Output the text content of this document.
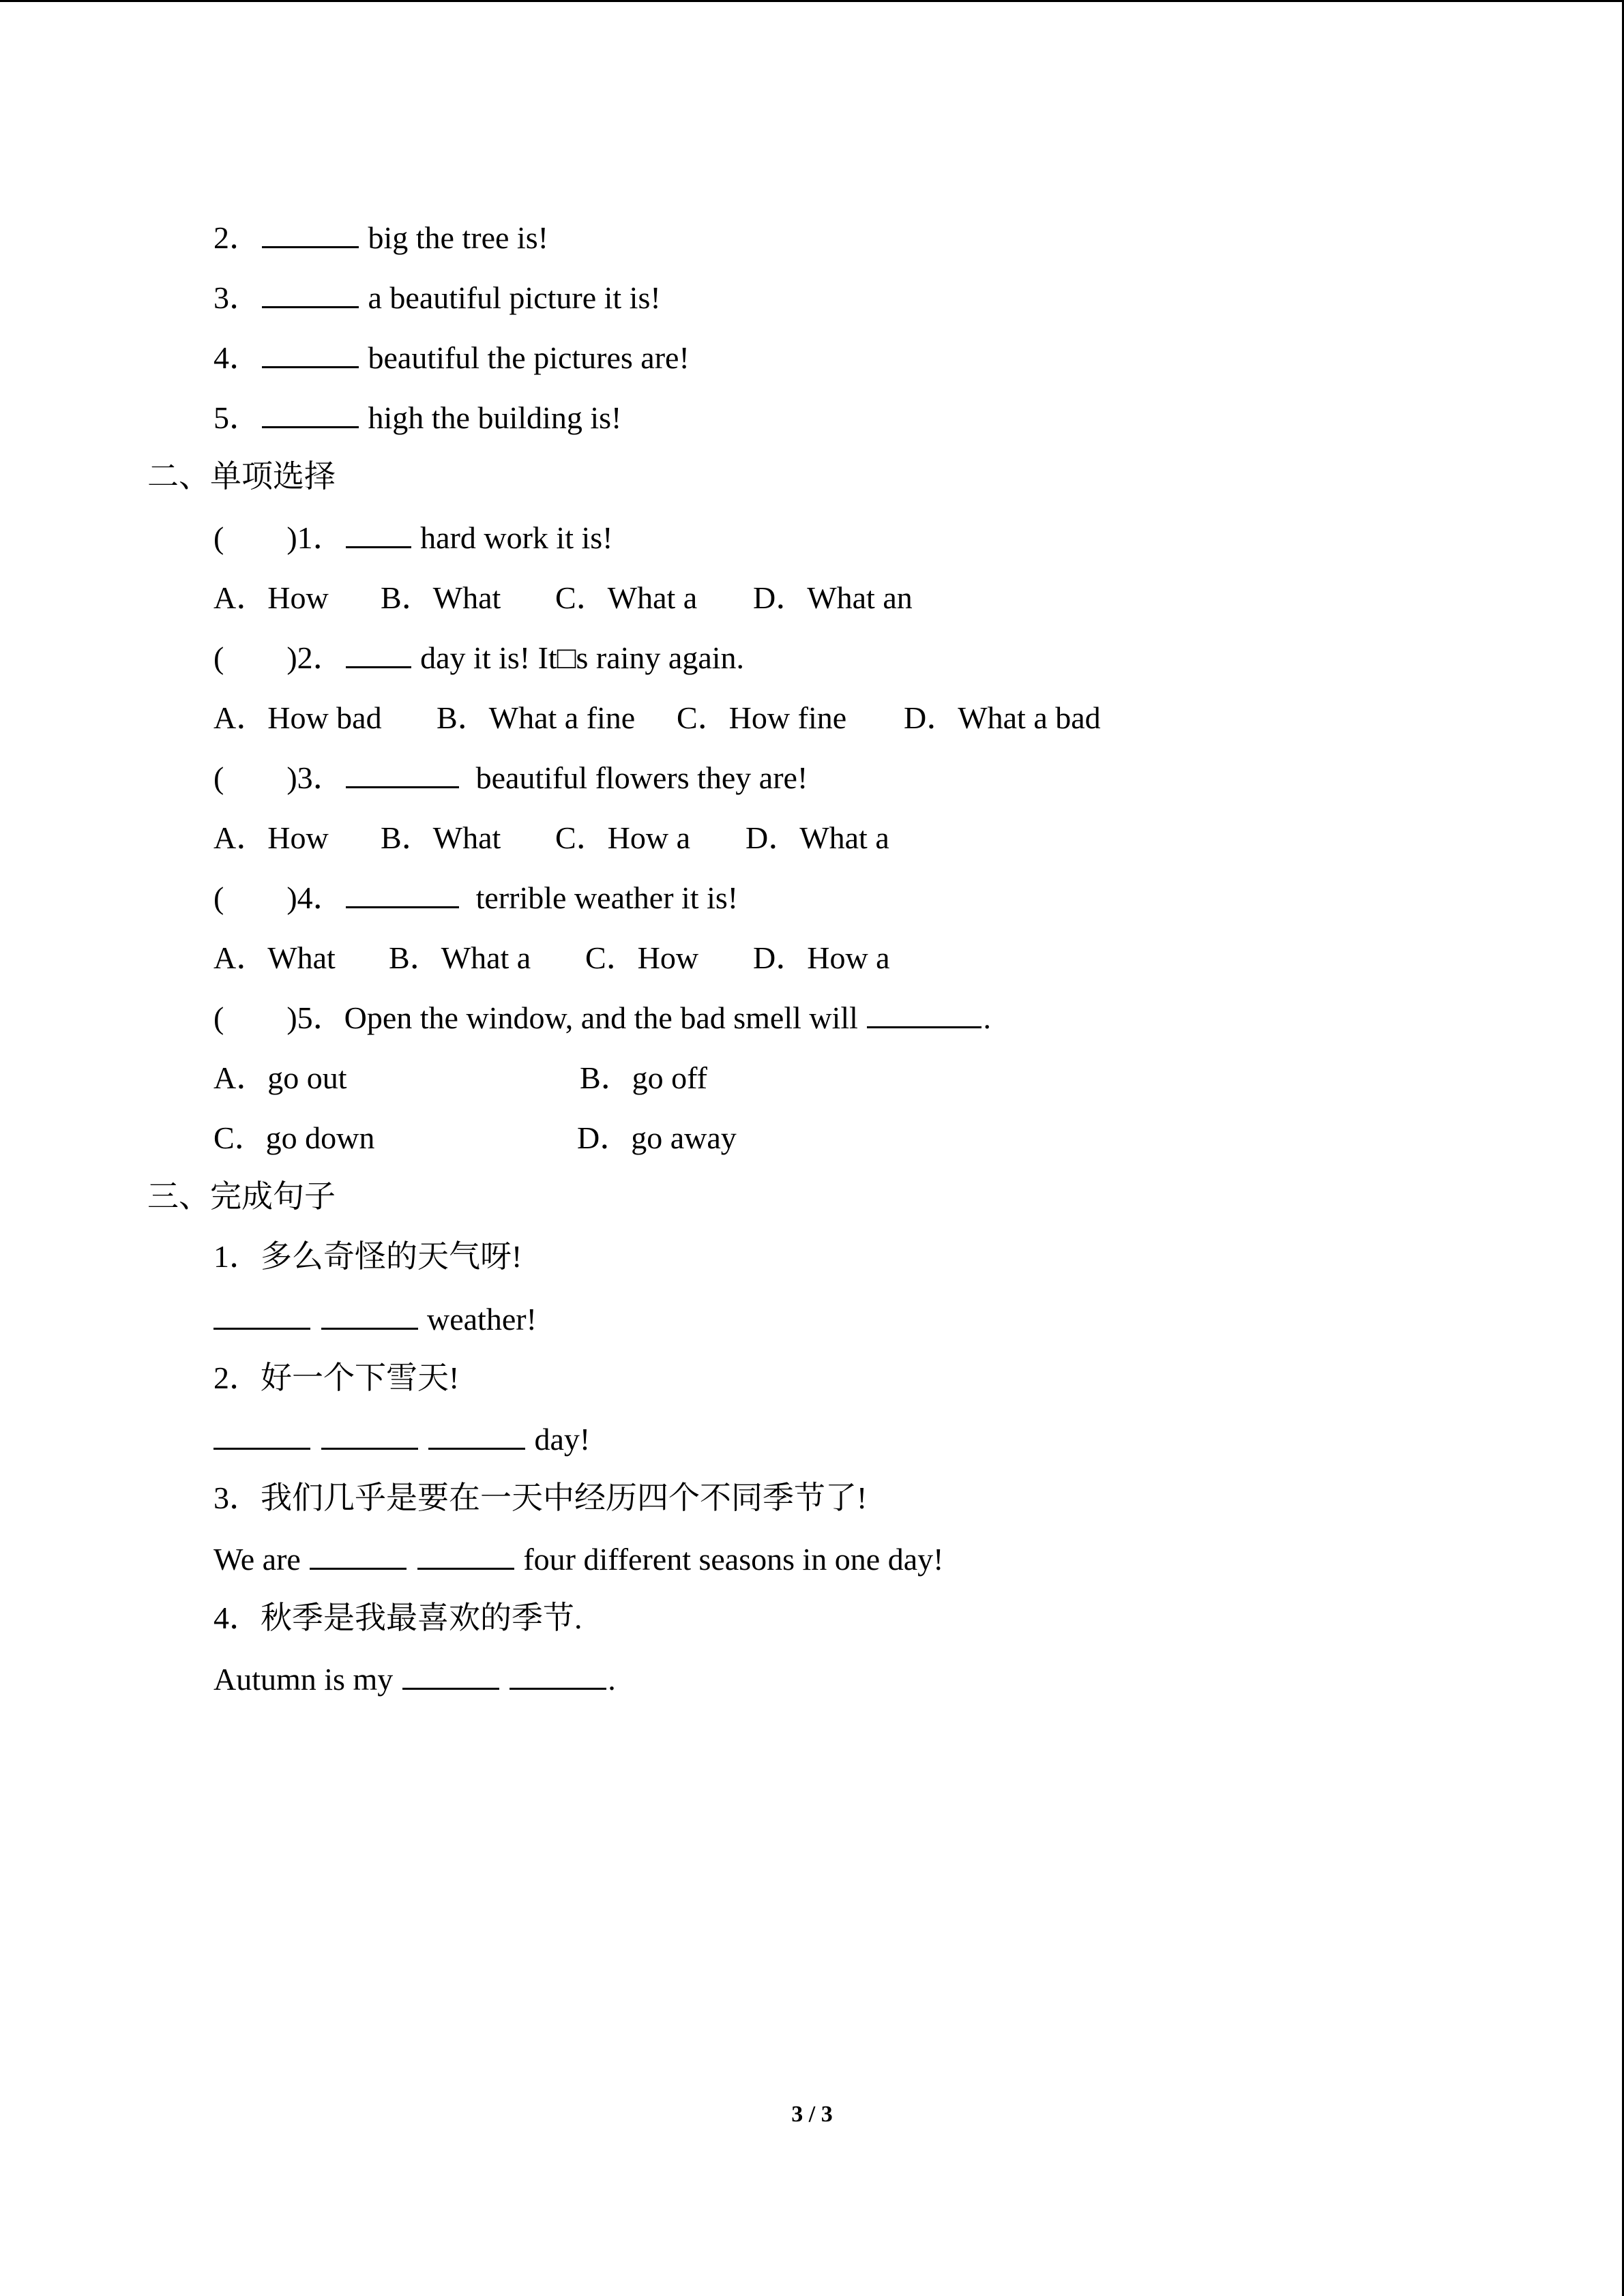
2．	big the tree is!
3．	a beautiful picture it is!
4．	beautiful the pictures are!
5．	high the building is!
二、单项选择
(        )1． hard work it is!
A．How B．What C．What a D．What an
(        )2． day it is! It□s rainy again.
A．How bad B．What a fine C．How fine D．What a bad
(        )3．	beautiful flowers they are!
A．How B．What C．How a D．What a
(        )4．	terrible weather it is!
A．What B．What a C．How D．How a
(        )5．Open the window, and the bad smell will	.
A．go out	B．go off
C．go down	D．go away
三、完成句子
1．多么奇怪的天气呀!
weather!
2．好一个下雪天!
day!
3．我们几乎是要在一天中经历四个不同季节了!
We are	four different seasons in one day!
4．秋季是我最喜欢的季节.
Autumn is my	.
3 / 3
